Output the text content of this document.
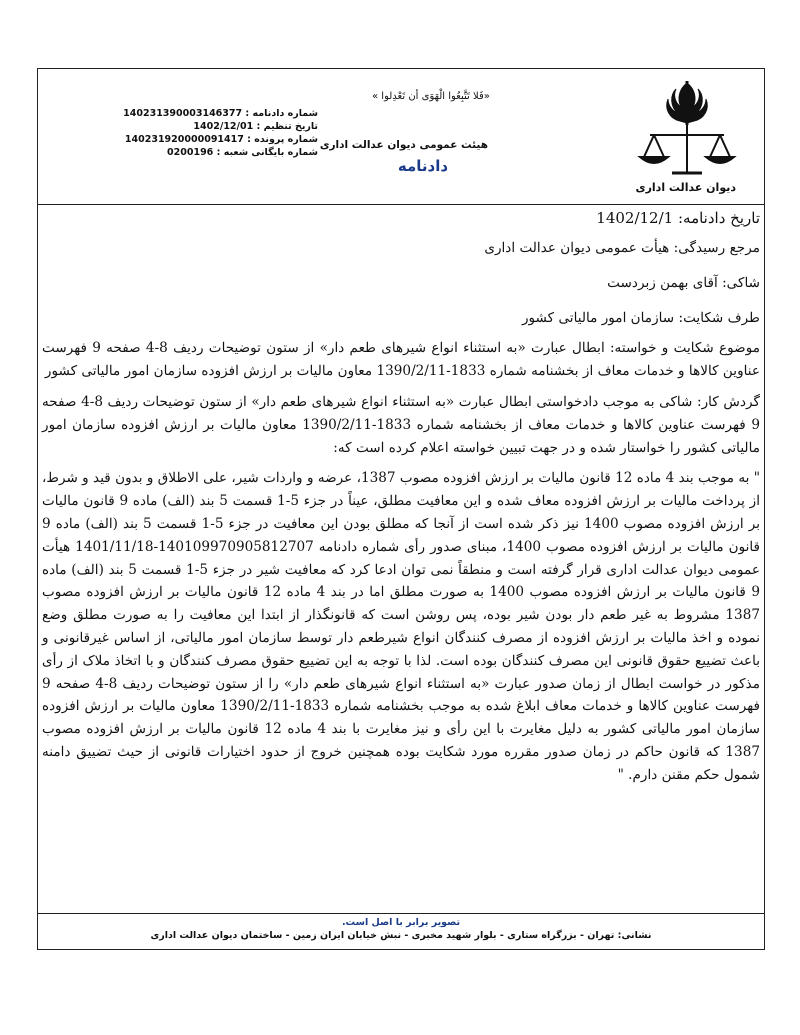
دیوان عدالت اداری
«فَلا تَتَّبِعُوا الْهَوَی أن تَعْدِلوا »
هیئت عمومی دیوان عدالت اداری
دادنامه
شماره دادنامه : 140231390003146377
تاریخ تنظیم : 1402/12/01
شماره پرونده : 140231920000091417
شماره بایگانی شعبه : 0200196

تاریخ دادنامه: 1402/12/1

مرجع رسیدگی: هیأت عمومی دیوان عدالت اداری

شاکی: آقای بهمن زبردست

طرف شکایت: سازمان امور مالیاتی کشور

موضوع شکایت و خواسته: ابطال عبارت «به استثناء انواع شیرهای طعم دار» از ستون توضیحات ردیف 8-4 صفحه 9 فهرست عناوین کالاها و خدمات معاف از بخشنامه شماره 1833-1390/2/11 معاون مالیات بر ارزش افزوده سازمان امور مالیاتی کشور

گردش کار: شاکی به موجب دادخواستی ابطال عبارت «به استثناء انواع شیرهای طعم دار» از ستون توضیحات ردیف 8-4 صفحه 9 فهرست عناوین کالاها و خدمات معاف از بخشنامه شماره 1833-1390/2/11 معاون مالیات بر ارزش افزوده سازمان امور مالیاتی کشور را خواستار شده و در جهت تبیین خواسته اعلام کرده است که:

" به موجب بند 4 ماده 12 قانون مالیات بر ارزش افزوده مصوب 1387، عرضه و واردات شیر، علی الاطلاق و بدون قید و شرط، از پرداخت مالیات بر ارزش افزوده معاف شده و این معافیت مطلق، عیناً در جزء 5-1 قسمت 5 بند (الف) ماده 9 قانون مالیات بر ارزش افزوده مصوب 1400 نیز ذکر شده است از آنجا که مطلق بودن این معافیت در جزء 5-1 قسمت 5 بند (الف) ماده 9 قانون مالیات بر ارزش افزوده مصوب 1400، مبنای صدور رأی شماره دادنامه 140109970905812707-1401/11/18 هیأت عمومی دیوان عدالت اداری قرار گرفته است و منطقاً نمی توان ادعا کرد که معافیت شیر در جزء 5-1 قسمت 5 بند (الف) ماده 9 قانون مالیات بر ارزش افزوده مصوب 1400 به صورت مطلق اما در بند 4 ماده 12 قانون مالیات بر ارزش افزوده مصوب 1387 مشروط به غیر طعم دار بودن شیر بوده، پس روشن است که قانونگذار از ابتدا این معافیت را به صورت مطلق وضع نموده و اخذ مالیات بر ارزش افزوده از مصرف کنندگان انواع شیرطعم دار توسط سازمان امور مالیاتی، از اساس غیرقانونی و باعث تضییع حقوق قانونی این مصرف کنندگان بوده است. لذا با توجه به این تضییع حقوق مصرف کنندگان و با اتخاذ ملاک از رأی مذکور در خواست ابطال از زمان صدور عبارت «به استثناء انواع شیرهای طعم دار» را از ستون توضیحات ردیف 8-4 صفحه 9 فهرست عناوین کالاها و خدمات معاف ابلاغ شده به موجب بخشنامه شماره 1833-1390/2/11 معاون مالیات بر ارزش افزوده سازمان امور مالیاتی کشور به دلیل مغایرت با این رأی و نیز مغایرت با بند 4 ماده 12 قانون مالیات بر ارزش افزوده مصوب 1387 که قانون حاکم در زمان صدور مقرره مورد شکایت بوده همچنین خروج از حدود اختیارات قانونی از حیث تضییق دامنه شمول حکم مقنن دارم. "

تصویر برابر با اصل است.
نشانی: تهران - بزرگراه ستاری - بلوار شهید مخبری - نبش خیابان ایران زمین - ساختمان دیوان عدالت اداری
